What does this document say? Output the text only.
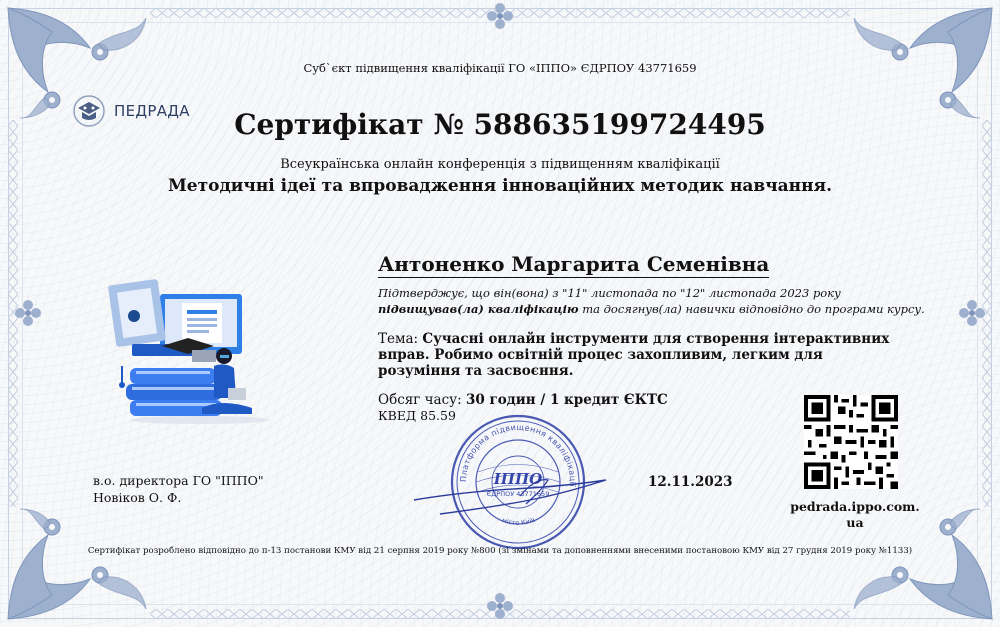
Суб`єкт підвищення кваліфікації ГО «ІППО» ЄДРПОУ 43771659
ПЕДРАДА	Сертифікат № 588635199724495
Всеукраїнська онлайн конференція з підвищенням кваліфікації
Методичні ідеї та впровадження інноваційних методик навчання.
Антоненко Маргарита Семенівна
Підтверджує, що він(вона) з "11" листопада по "12" листопада 2023 року
підвищував(ла) кваліфікацію та досягнув(ла) навички відповідно до програми курсу.
Тема: Сучасні онлайн інструменти для створення інтерактивних вправ. Робимо освітній процес захопливим, легким для розуміння та засвоєння.
Обсяг часу: 30 годин / 1 кредит ЄКТС
КВЕД 85.59
Платформа підвищення кваліфікації
ІППО
ЄДРПОУ 43771659
місто Київ
в.о. директора ГО "ІППО"
Новіков О. Ф.
12.11.2023
pedrada.ippo.com.
ua
Сертифікат розроблено відповідно до п-13 постанови КМУ від 21 серпня 2019 року №800 (зі змінами та доповненнями внесеними постановою КМУ від 27 грудня 2019 року №1133)
